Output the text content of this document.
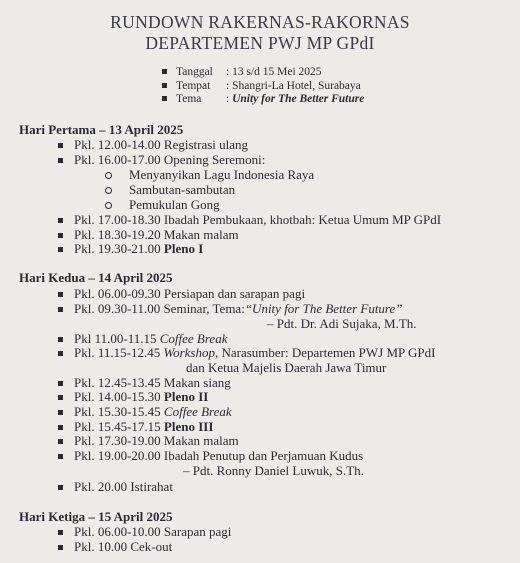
RUNDOWN RAKERNAS-RAKORNAS
DEPARTEMEN PWJ MP GPdI
Tanggal : 13 s/d 15 Mei 2025
Tempat : Shangri-La Hotel, Surabaya
Tema : Unity for The Better Future
Hari Pertama – 13 April 2025
Pkl. 12.00-14.00 Registrasi ulang
Pkl. 16.00-17.00 Opening Seremoni:
Menyanyikan Lagu Indonesia Raya
Sambutan-sambutan
Pemukulan Gong
Pkl. 17.00-18.30 Ibadah Pembukaan, khotbah: Ketua Umum MP GPdI
Pkl. 18.30-19.20 Makan malam
Pkl. 19.30-21.00 Pleno I
Hari Kedua – 14 April 2025
Pkl. 06.00-09.30 Persiapan dan sarapan pagi
Pkl. 09.30-11.00 Seminar, Tema:“Unity for The Better Future”
– Pdt. Dr. Adi Sujaka, M.Th.
Pkl 11.00-11.15 Coffee Break
Pkl. 11.15-12.45 Workshop, Narasumber: Departemen PWJ MP GPdI
dan Ketua Majelis Daerah Jawa Timur
Pkl. 12.45-13.45 Makan siang
Pkl. 14.00-15.30 Pleno II
Pkl. 15.30-15.45 Coffee Break
Pkl. 15.45-17.15 Pleno III
Pkl. 17.30-19.00 Makan malam
Pkl. 19.00-20.00 Ibadah Penutup dan Perjamuan Kudus
– Pdt. Ronny Daniel Luwuk, S.Th.
Pkl. 20.00 Istirahat
Hari Ketiga – 15 April 2025
Pkl. 06.00-10.00 Sarapan pagi
Pkl. 10.00 Cek-out
